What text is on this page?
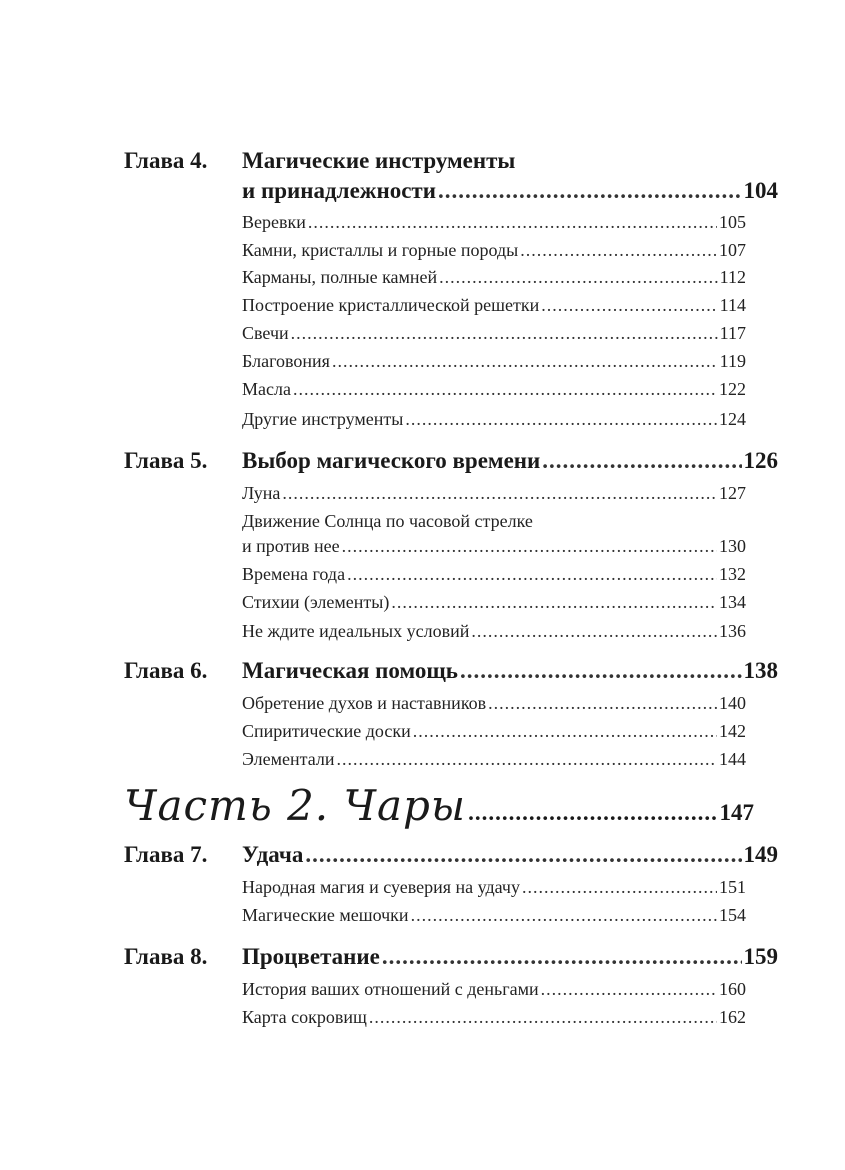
Глава 4. Магические инструменты
и принадлежности .....	104
Веревки .....	105
Камни, кристаллы и горные породы .....	107
Карманы, полные камней .....	112
Построение кристаллической решетки .....	114
Свечи .....	117
Благовония .....	119
Масла .....	122
Другие инструменты .....	124
Глава 5. Выбор магического времени .....	126
Луна .....	127
Движение Солнца по часовой стрелке
и против нее .....	130
Времена года .....	132
Стихии (элементы) .....	134
Не ждите идеальных условий .....	136
Глава 6. Магическая помощь .....	138
Обретение духов и наставников .....	140
Спиритические доски .....	142
Элементали .....	144
Часть 2. Чары .....	147
Глава 7. Удача .....	149
Народная магия и суеверия на удачу .....	151
Магические мешочки .....	154
Глава 8. Процветание .....	159
История ваших отношений с деньгами .....	160
Карта сокровищ .....	162
